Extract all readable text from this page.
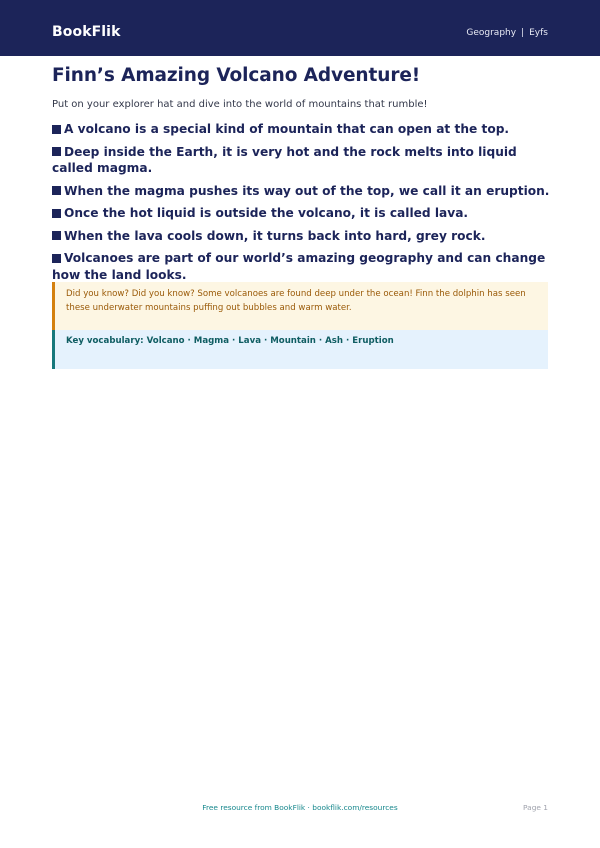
BookFlik	Geography | Eyfs
Finn’s Amazing Volcano Adventure!

Put on your explorer hat and dive into the world of mountains that rumble!

A volcano is a special kind of mountain that can open at the top.
Deep inside the Earth, it is very hot and the rock melts into liquid called magma.
When the magma pushes its way out of the top, we call it an eruption.
Once the hot liquid is outside the volcano, it is called lava.
When the lava cools down, it turns back into hard, grey rock.
Volcanoes are part of our world’s amazing geography and can change how the land looks.
Did you know? Did you know? Some volcanoes are found deep under the ocean! Finn the dolphin has seen these underwater mountains puffing out bubbles and warm water.
Key vocabulary: Volcano · Magma · Lava · Mountain · Ash · Eruption
Free resource from BookFlik · bookflik.com/resources	Page 1
